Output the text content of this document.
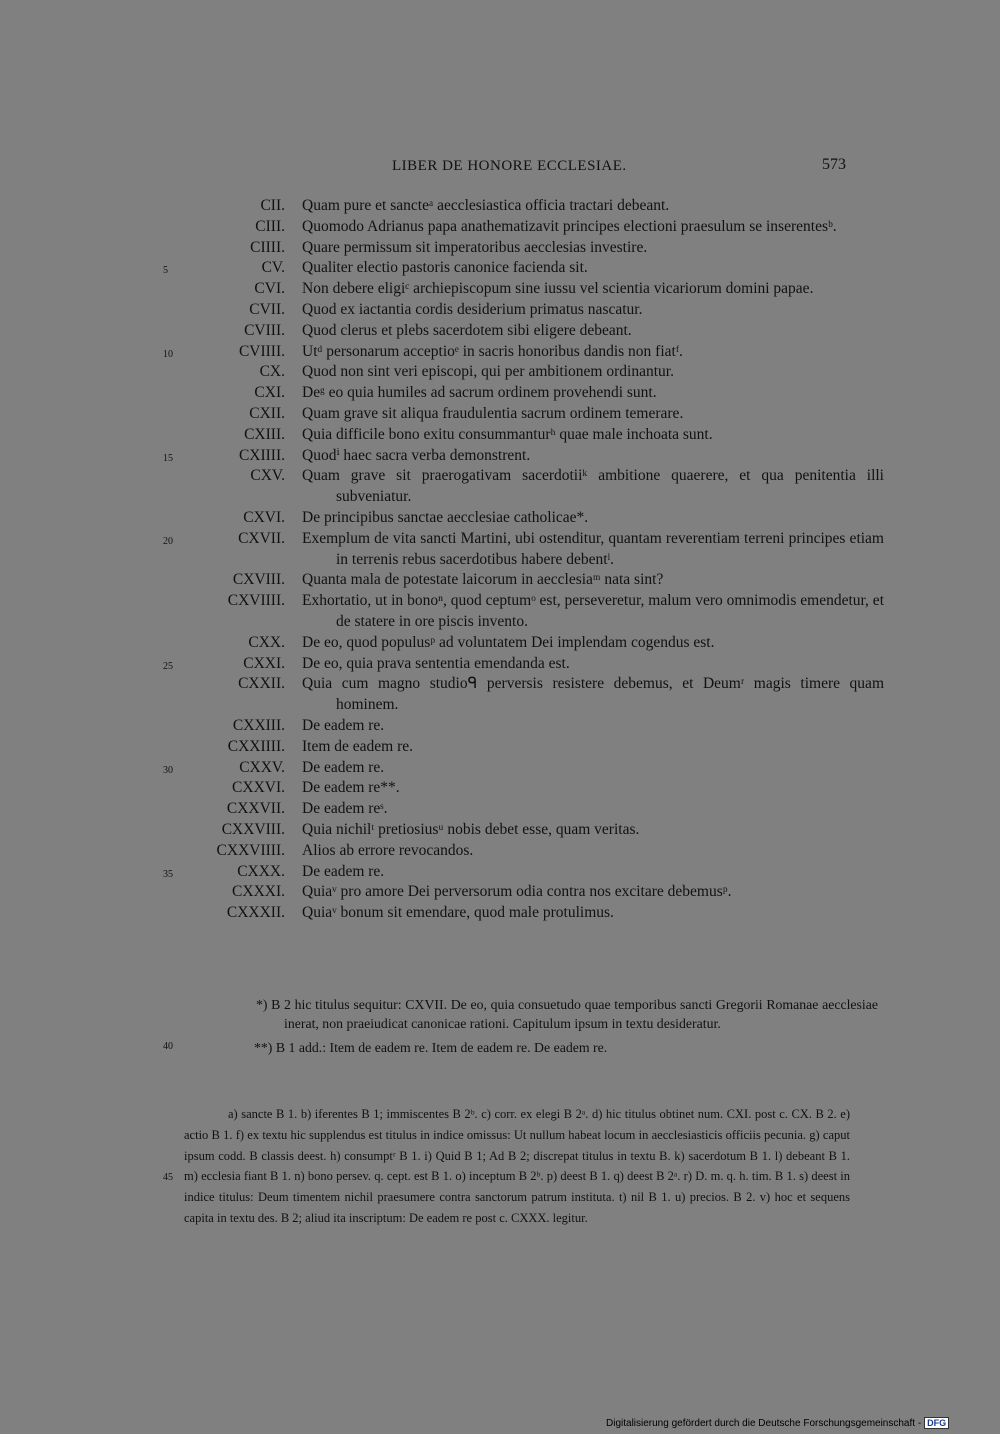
LIBER DE HONORE ECCLESIAE.	573
CII. Quam pure et sancteᵃ aecclesiastica officia tractari debeant.
CIII. Quomodo Adrianus papa anathematizavit principes electioni praesulum se inserentesᵇ.
CIIII. Quare permissum sit imperatoribus aecclesias investire.
5	CV. Qualiter electio pastoris canonice facienda sit.
CVI. Non debere eligiᶜ archiepiscopum sine iussu vel scientia vicariorum domini papae.
CVII. Quod ex iactantia cordis desiderium primatus nascatur.
CVIII. Quod clerus et plebs sacerdotem sibi eligere debeant.
10	CVIIII. Utᵈ personarum acceptioᵉ in sacris honoribus dandis non fiatᶠ.
CX. Quod non sint veri episcopi, qui per ambitionem ordinantur.
CXI. Deᵍ eo quia humiles ad sacrum ordinem provehendi sunt.
CXII. Quam grave sit aliqua fraudulentia sacrum ordinem temerare.
CXIII. Quia difficile bono exitu consummanturʰ quae male inchoata sunt.
15	CXIIII. Quodⁱ haec sacra verba demonstrent.
CXV. Quam grave sit praerogativam sacerdotiiᵏ ambitione quaerere, et qua penitentia illi subveniatur.
CXVI. De principibus sanctae aecclesiae catholicae*.
20	CXVII. Exemplum de vita sancti Martini, ubi ostenditur, quantam reverentiam terreni principes etiam in terrenis rebus sacerdotibus habere debentˡ.
CXVIII. Quanta mala de potestate laicorum in aecclesiaᵐ nata sint?
CXVIIII. Exhortatio, ut in bonoⁿ, quod ceptumᵒ est, perseveretur, malum vero omnimodis emendetur, et de statere in ore piscis invento.
CXX. De eo, quod populusᵖ ad voluntatem Dei implendam cogendus est.
25	CXXI. De eo, quia prava sententia emendanda est.
CXXII. Quia cum magno studioᑫ perversis resistere debemus, et Deumʳ magis timere quam hominem.
CXXIII. De eadem re.
CXXIIII. Item de eadem re.
30	CXXV. De eadem re.
CXXVI. De eadem re**.
CXXVII. De eadem reˢ.
CXXVIII. Quia nichilᵗ pretiosiusᵘ nobis debet esse, quam veritas.
CXXVIIII. Alios ab errore revocandos.
35	CXXX. De eadem re.
CXXXI. Quiaᵛ pro amore Dei perversorum odia contra nos excitare debemusᵖ.
CXXXII. Quiaᵛ bonum sit emendare, quod male protulimus.
40
*) B 2 hic titulus sequitur: CXVII. De eo, quia consuetudo quae temporibus sancti Gregorii Romanae aecclesiae inerat, non praeiudicat canonicae rationi. Capitulum ipsum in textu desideratur.
**) B 1 add.: Item de eadem re. Item de eadem re. De eadem re.
45

a) sancte B 1. b) iferentes B 1; immiscentes B 2ᵇ. c) corr. ex elegi B 2ᵃ. d) hic titulus obtinet num. CXI. post c. CX. B 2. e) actio B 1. f) ex textu hic supplendus est titulus in indice omissus: Ut nullum habeat locum in aecclesiasticis officiis pecunia. g) caput ipsum codd. B classis deest. h) consumptʳ B 1. i) Quid B 1; Ad B 2; discrepat titulus in textu B. k) sacerdotum B 1. l) debeant B 1. m) ecclesia fiant B 1. n) bono persev. q. cept. est B 1. o) inceptum B 2ᵇ. p) deest B 1. q) deest B 2ᵃ. r) D. m. q. h. tim. B 1. s) deest in indice titulus: Deum timentem nichil praesumere contra sanctorum patrum instituta. t) nil B 1. u) precios. B 2. v) hoc et sequens capita in textu des. B 2; aliud ita inscriptum: De eadem re post c. CXXX. legitur.

Digitalisierung gefördert durch die Deutsche Forschungsgemeinschaft - DFG
